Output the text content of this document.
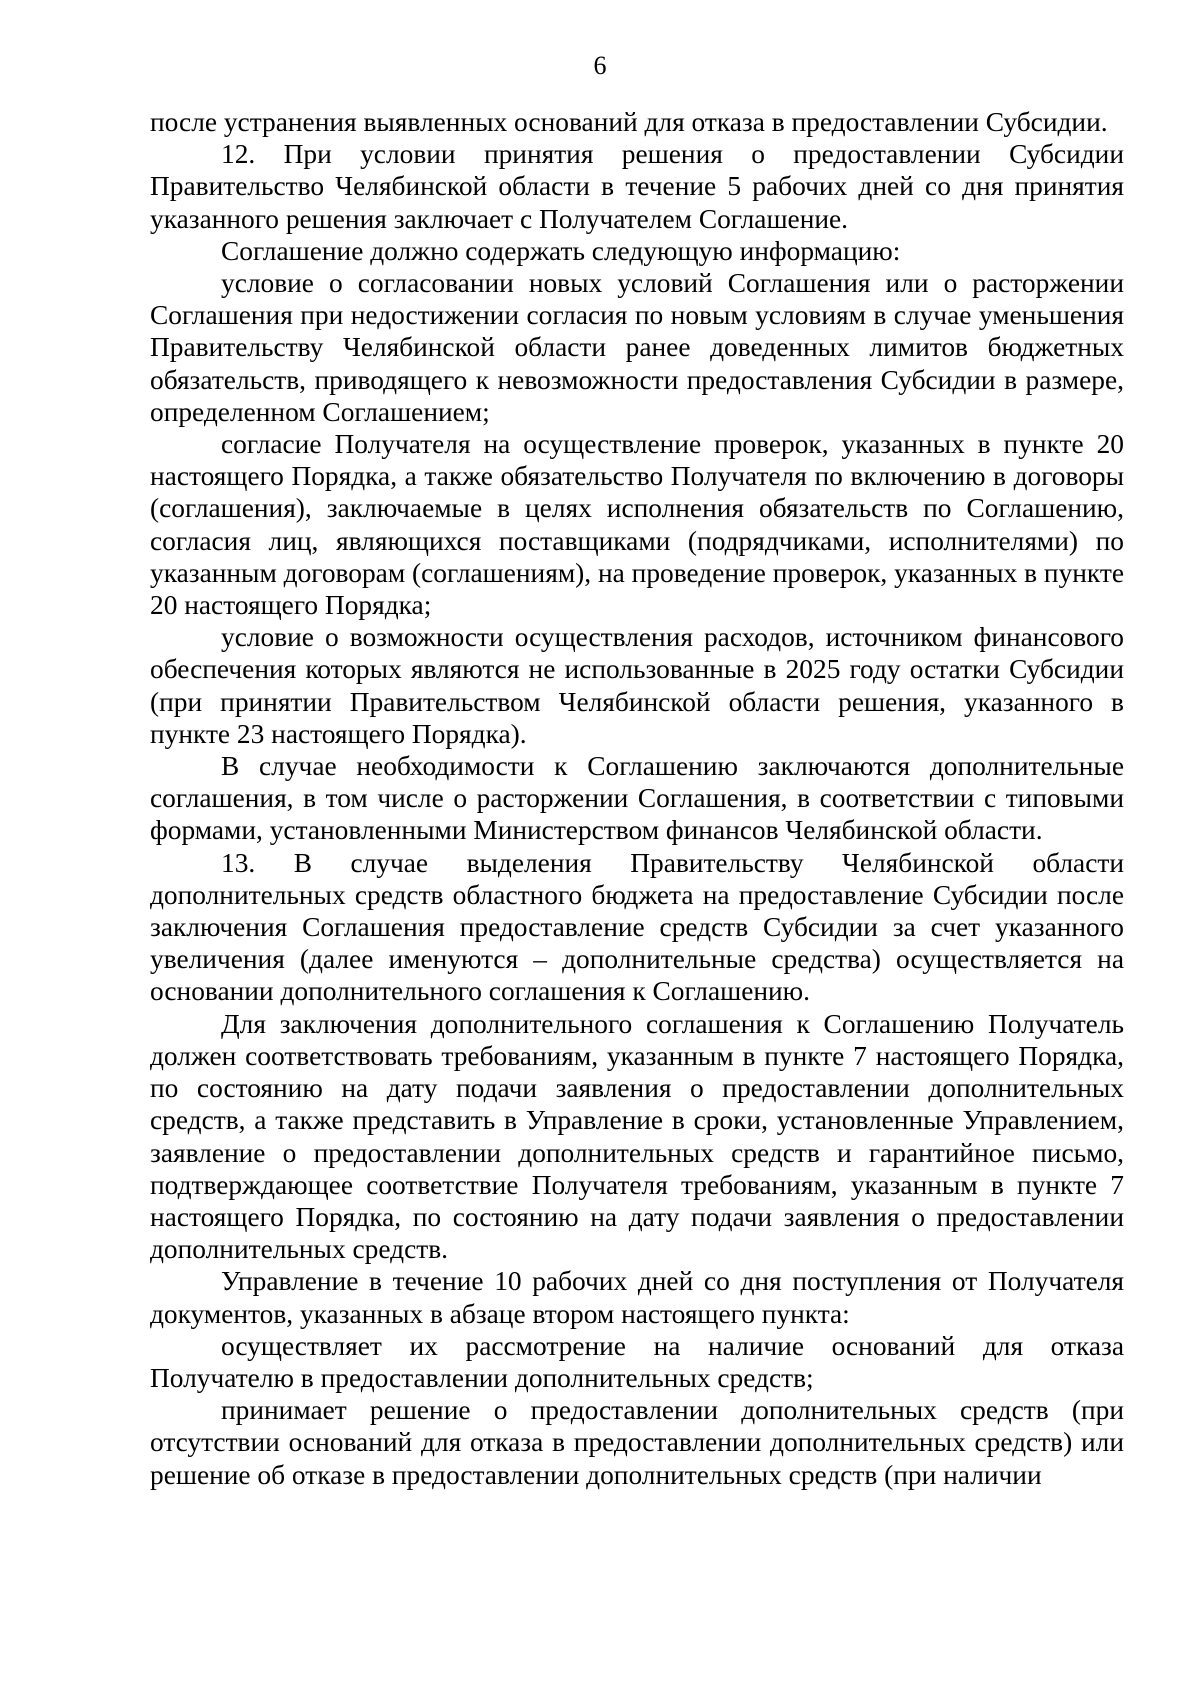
6

после устранения выявленных оснований для отказа в предоставлении Субсидии.

12. При условии принятия решения о предоставлении Субсидии Правительство Челябинской области в течение 5 рабочих дней со дня принятия указанного решения заключает с Получателем Соглашение.

Соглашение должно содержать следующую информацию:

условие о согласовании новых условий Соглашения или о расторжении Соглашения при недостижении согласия по новым условиям в случае уменьшения Правительству Челябинской области ранее доведенных лимитов бюджетных обязательств, приводящего к невозможности предоставления Субсидии в размере, определенном Соглашением;

согласие Получателя на осуществление проверок, указанных в пункте 20 настоящего Порядка, а также обязательство Получателя по включению в договоры (соглашения), заключаемые в целях исполнения обязательств по Соглашению, согласия лиц, являющихся поставщиками (подрядчиками, исполнителями) по указанным договорам (соглашениям), на проведение проверок, указанных в пункте 20 настоящего Порядка;

условие о возможности осуществления расходов, источником финансового обеспечения которых являются не использованные в 2025 году остатки Субсидии (при принятии Правительством Челябинской области решения, указанного в пункте 23 настоящего Порядка).

В случае необходимости к Соглашению заключаются дополнительные соглашения, в том числе о расторжении Соглашения, в соответствии с типовыми формами, установленными Министерством финансов Челябинской области.

13. В случае выделения Правительству Челябинской области дополнительных средств областного бюджета на предоставление Субсидии после заключения Соглашения предоставление средств Субсидии за счет указанного увеличения (далее именуются – дополнительные средства) осуществляется на основании дополнительного соглашения к Соглашению.

Для заключения дополнительного соглашения к Соглашению Получатель должен соответствовать требованиям, указанным в пункте 7 настоящего Порядка, по состоянию на дату подачи заявления о предоставлении дополнительных средств, а также представить в Управление в сроки, установленные Управлением, заявление о предоставлении дополнительных средств и гарантийное письмо, подтверждающее соответствие Получателя требованиям, указанным в пункте 7 настоящего Порядка, по состоянию на дату подачи заявления о предоставлении дополнительных средств.

Управление в течение 10 рабочих дней со дня поступления от Получателя документов, указанных в абзаце втором настоящего пункта:

осуществляет их рассмотрение на наличие оснований для отказа Получателю в предоставлении дополнительных средств;

принимает решение о предоставлении дополнительных средств (при отсутствии оснований для отказа в предоставлении дополнительных средств) или решение об отказе в предоставлении дополнительных средств (при наличии
